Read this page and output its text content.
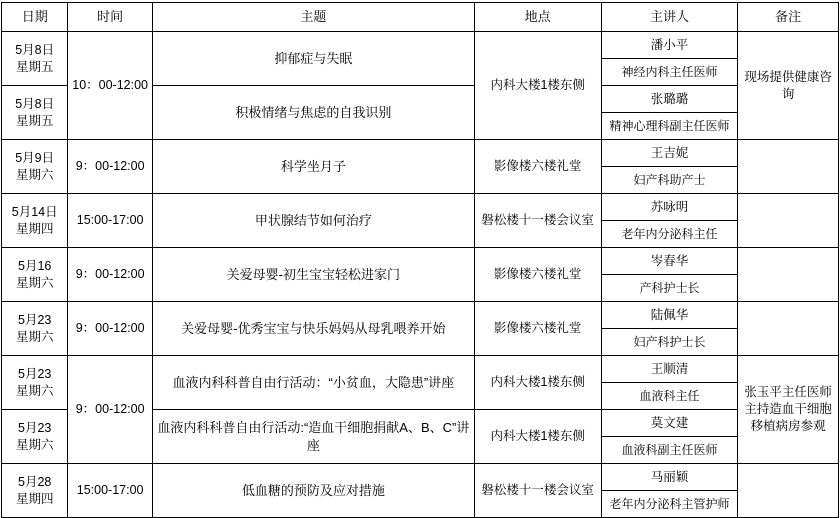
日期	时间	主题	地点	主讲人	备注

5月8日
星期五	10：00-12:00	抑郁症与失眠	内科大楼1楼东侧	潘小平	现场提供健康咨询
				神经内科主任医师	

5月8日
星期五		积极情绪与焦虑的自我识别		张璐璐	
				精神心理科副主任医师	

5月9日
星期六	9：00-12:00	科学坐月子	影像楼六楼礼堂	王吉妮	
				妇产科助产士	

5月14日
星期四	15:00-17:00	甲状腺结节如何治疗	磐松楼十一楼会议室	苏咏明	
				老年内分泌科主任	

5月16
星期六	9：00-12:00	关爱母婴-初生宝宝轻松进家门	影像楼六楼礼堂	岑春华	
				产科护士长	

5月23
星期六	9：00-12:00	关爱母婴-优秀宝宝与快乐妈妈从母乳喂养开始	影像楼六楼礼堂	陆佩华	
				妇产科护士长	

5月23
星期六	9：00-12:00	血液内科科普自由行活动：“小贫血，大隐患”讲座	内科大楼1楼东侧	王顺清	张玉平主任医师主持造血干细胞移植病房参观
				血液科主任	

5月23
星期六		血液内科科普自由行活动:“造血干细胞捐献A、B、C”讲座	内科大楼1楼东侧	莫文建	
				血液科副主任医师	

5月28
星期四	15:00-17:00	低血糖的预防及应对措施	磐松楼十一楼会议室	马丽颖	
				老年内分泌科主管护师	
